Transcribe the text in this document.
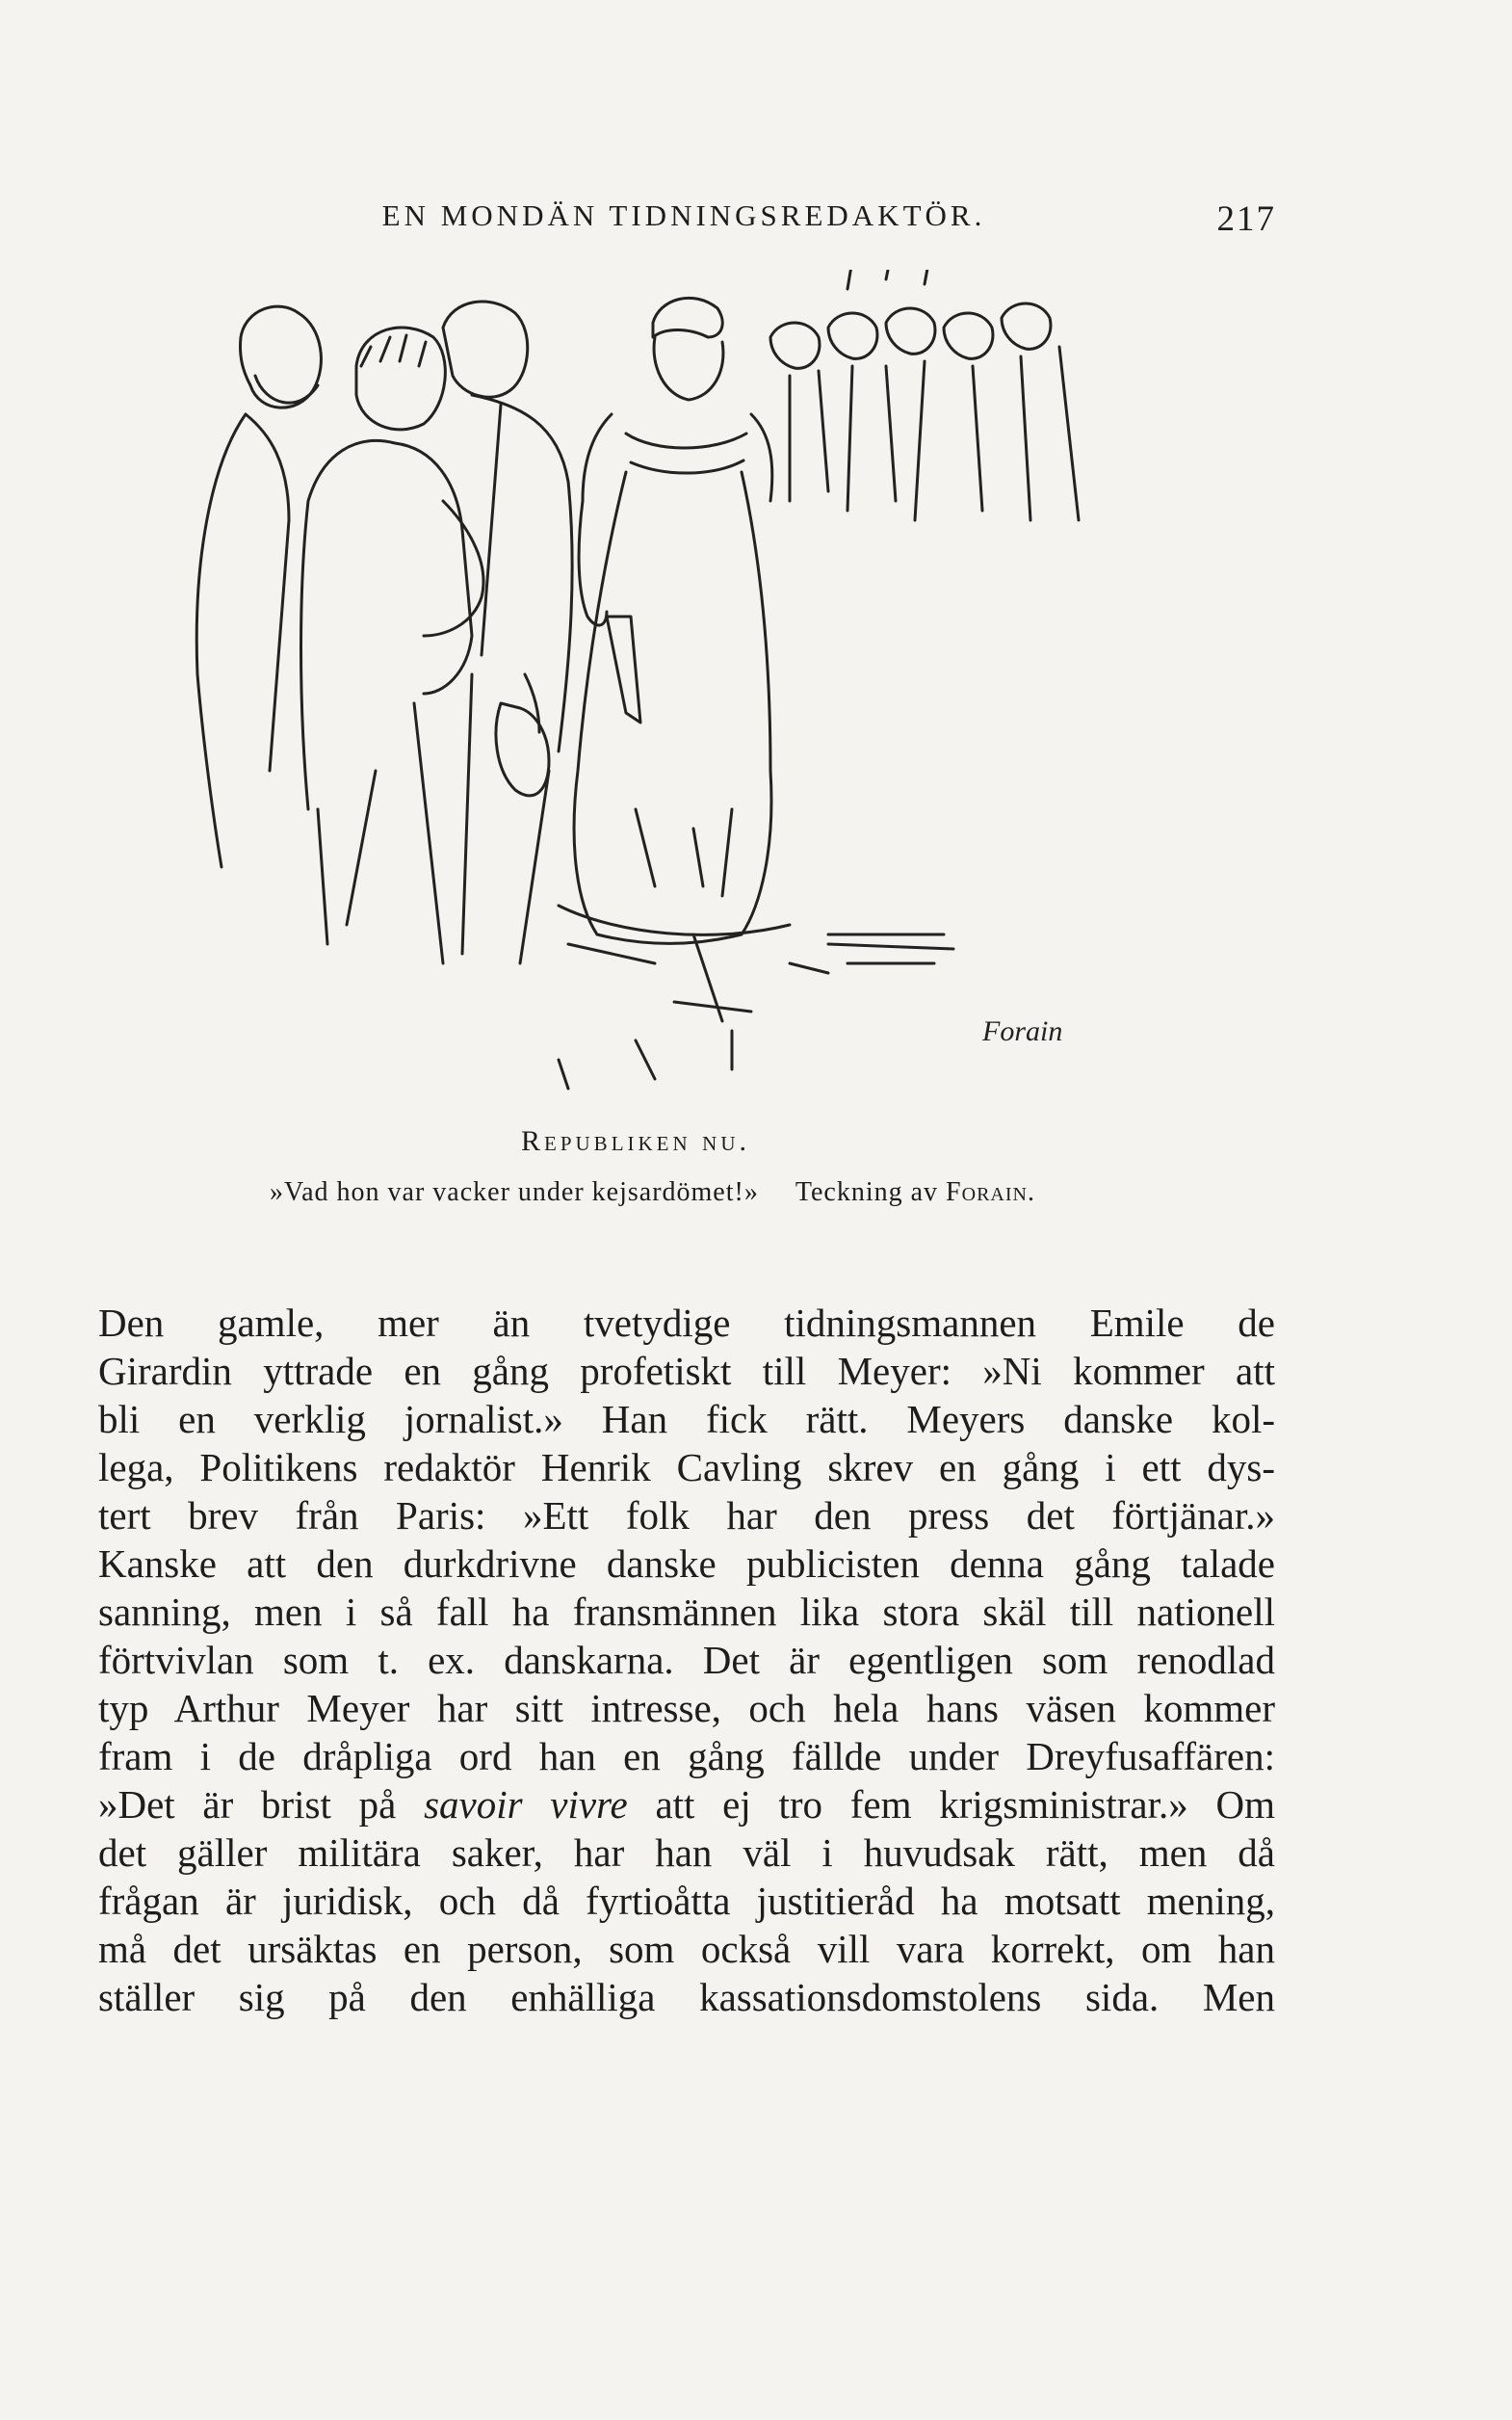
EN MONDÄN TIDNINGSREDAKTÖR.	217
Forain
Republiken nu.
»Vad hon var vacker under kejsardömet!» Teckning av Forain.
Den gamle, mer än tvetydige tidningsmannen Emile de
Girardin yttrade en gång profetiskt till Meyer: »Ni kommer att
bli en verklig jornalist.» Han fick rätt. Meyers danske kol-
lega, Politikens redaktör Henrik Cavling skrev en gång i ett dys-
tert brev från Paris: »Ett folk har den press det förtjänar.»
Kanske att den durkdrivne danske publicisten denna gång talade
sanning, men i så fall ha fransmännen lika stora skäl till nationell
förtvivlan som t. ex. danskarna. Det är egentligen som renodlad
typ Arthur Meyer har sitt intresse, och hela hans väsen kommer
fram i de dråpliga ord han en gång fällde under Dreyfusaffären:
»Det är brist på savoir vivre att ej tro fem krigsministrar.» Om
det gäller militära saker, har han väl i huvudsak rätt, men då
frågan är juridisk, och då fyrtioåtta justitieråd ha motsatt mening,
må det ursäktas en person, som också vill vara korrekt, om han
ställer sig på den enhälliga kassationsdomstolens sida. Men
